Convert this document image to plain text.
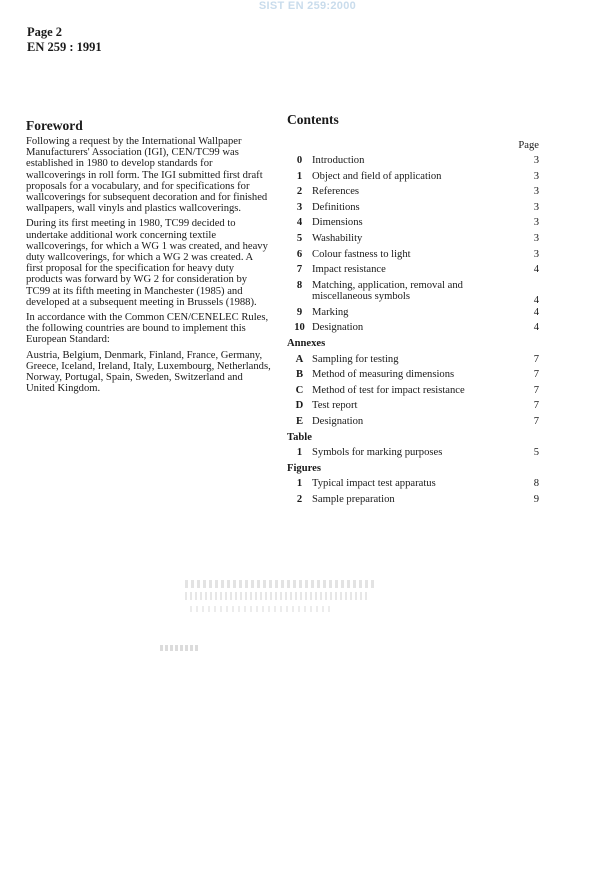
SIST EN 259:2000
Page 2
EN 259 : 1991
Foreword

Following a request by the International Wallpaper Manufacturers' Association (IGI), CEN/TC99 was established in 1980 to develop standards for wallcoverings in roll form. The IGI submitted first draft proposals for a vocabulary, and for specifications for wallcoverings for subsequent decoration and for finished wallpapers, wall vinyls and plastics wallcoverings.

During its first meeting in 1980, TC99 decided to undertake additional work concerning textile wallcoverings, for which a WG 1 was created, and heavy duty wallcoverings, for which a WG 2 was created. A first proposal for the specification for heavy duty products was forward by WG 2 for consideration by TC99 at its fifth meeting in Manchester (1985) and developed at a subsequent meeting in Brussels (1988).

In accordance with the Common CEN/CENELEC Rules, the following countries are bound to implement this European Standard:

Austria, Belgium, Denmark, Finland, France, Germany, Greece, Iceland, Ireland, Italy, Luxembourg, Netherlands, Norway, Portugal, Spain, Sweden, Switzerland and United Kingdom.

Contents
Page
0 Introduction	3
1 Object and field of application	3
2 References	3
3 Definitions	3
4 Dimensions	3
5 Washability	3
6 Colour fastness to light	3
7 Impact resistance	4
8 Matching, application, removal and miscellaneous symbols	4
9 Marking	4
10 Designation	4
Annexes
A Sampling for testing	7
B Method of measuring dimensions	7
C Method of test for impact resistance	7
D Test report	7
E Designation	7
Table
1 Symbols for marking purposes	5
Figures
1 Typical impact test apparatus	8
2 Sample preparation	9
